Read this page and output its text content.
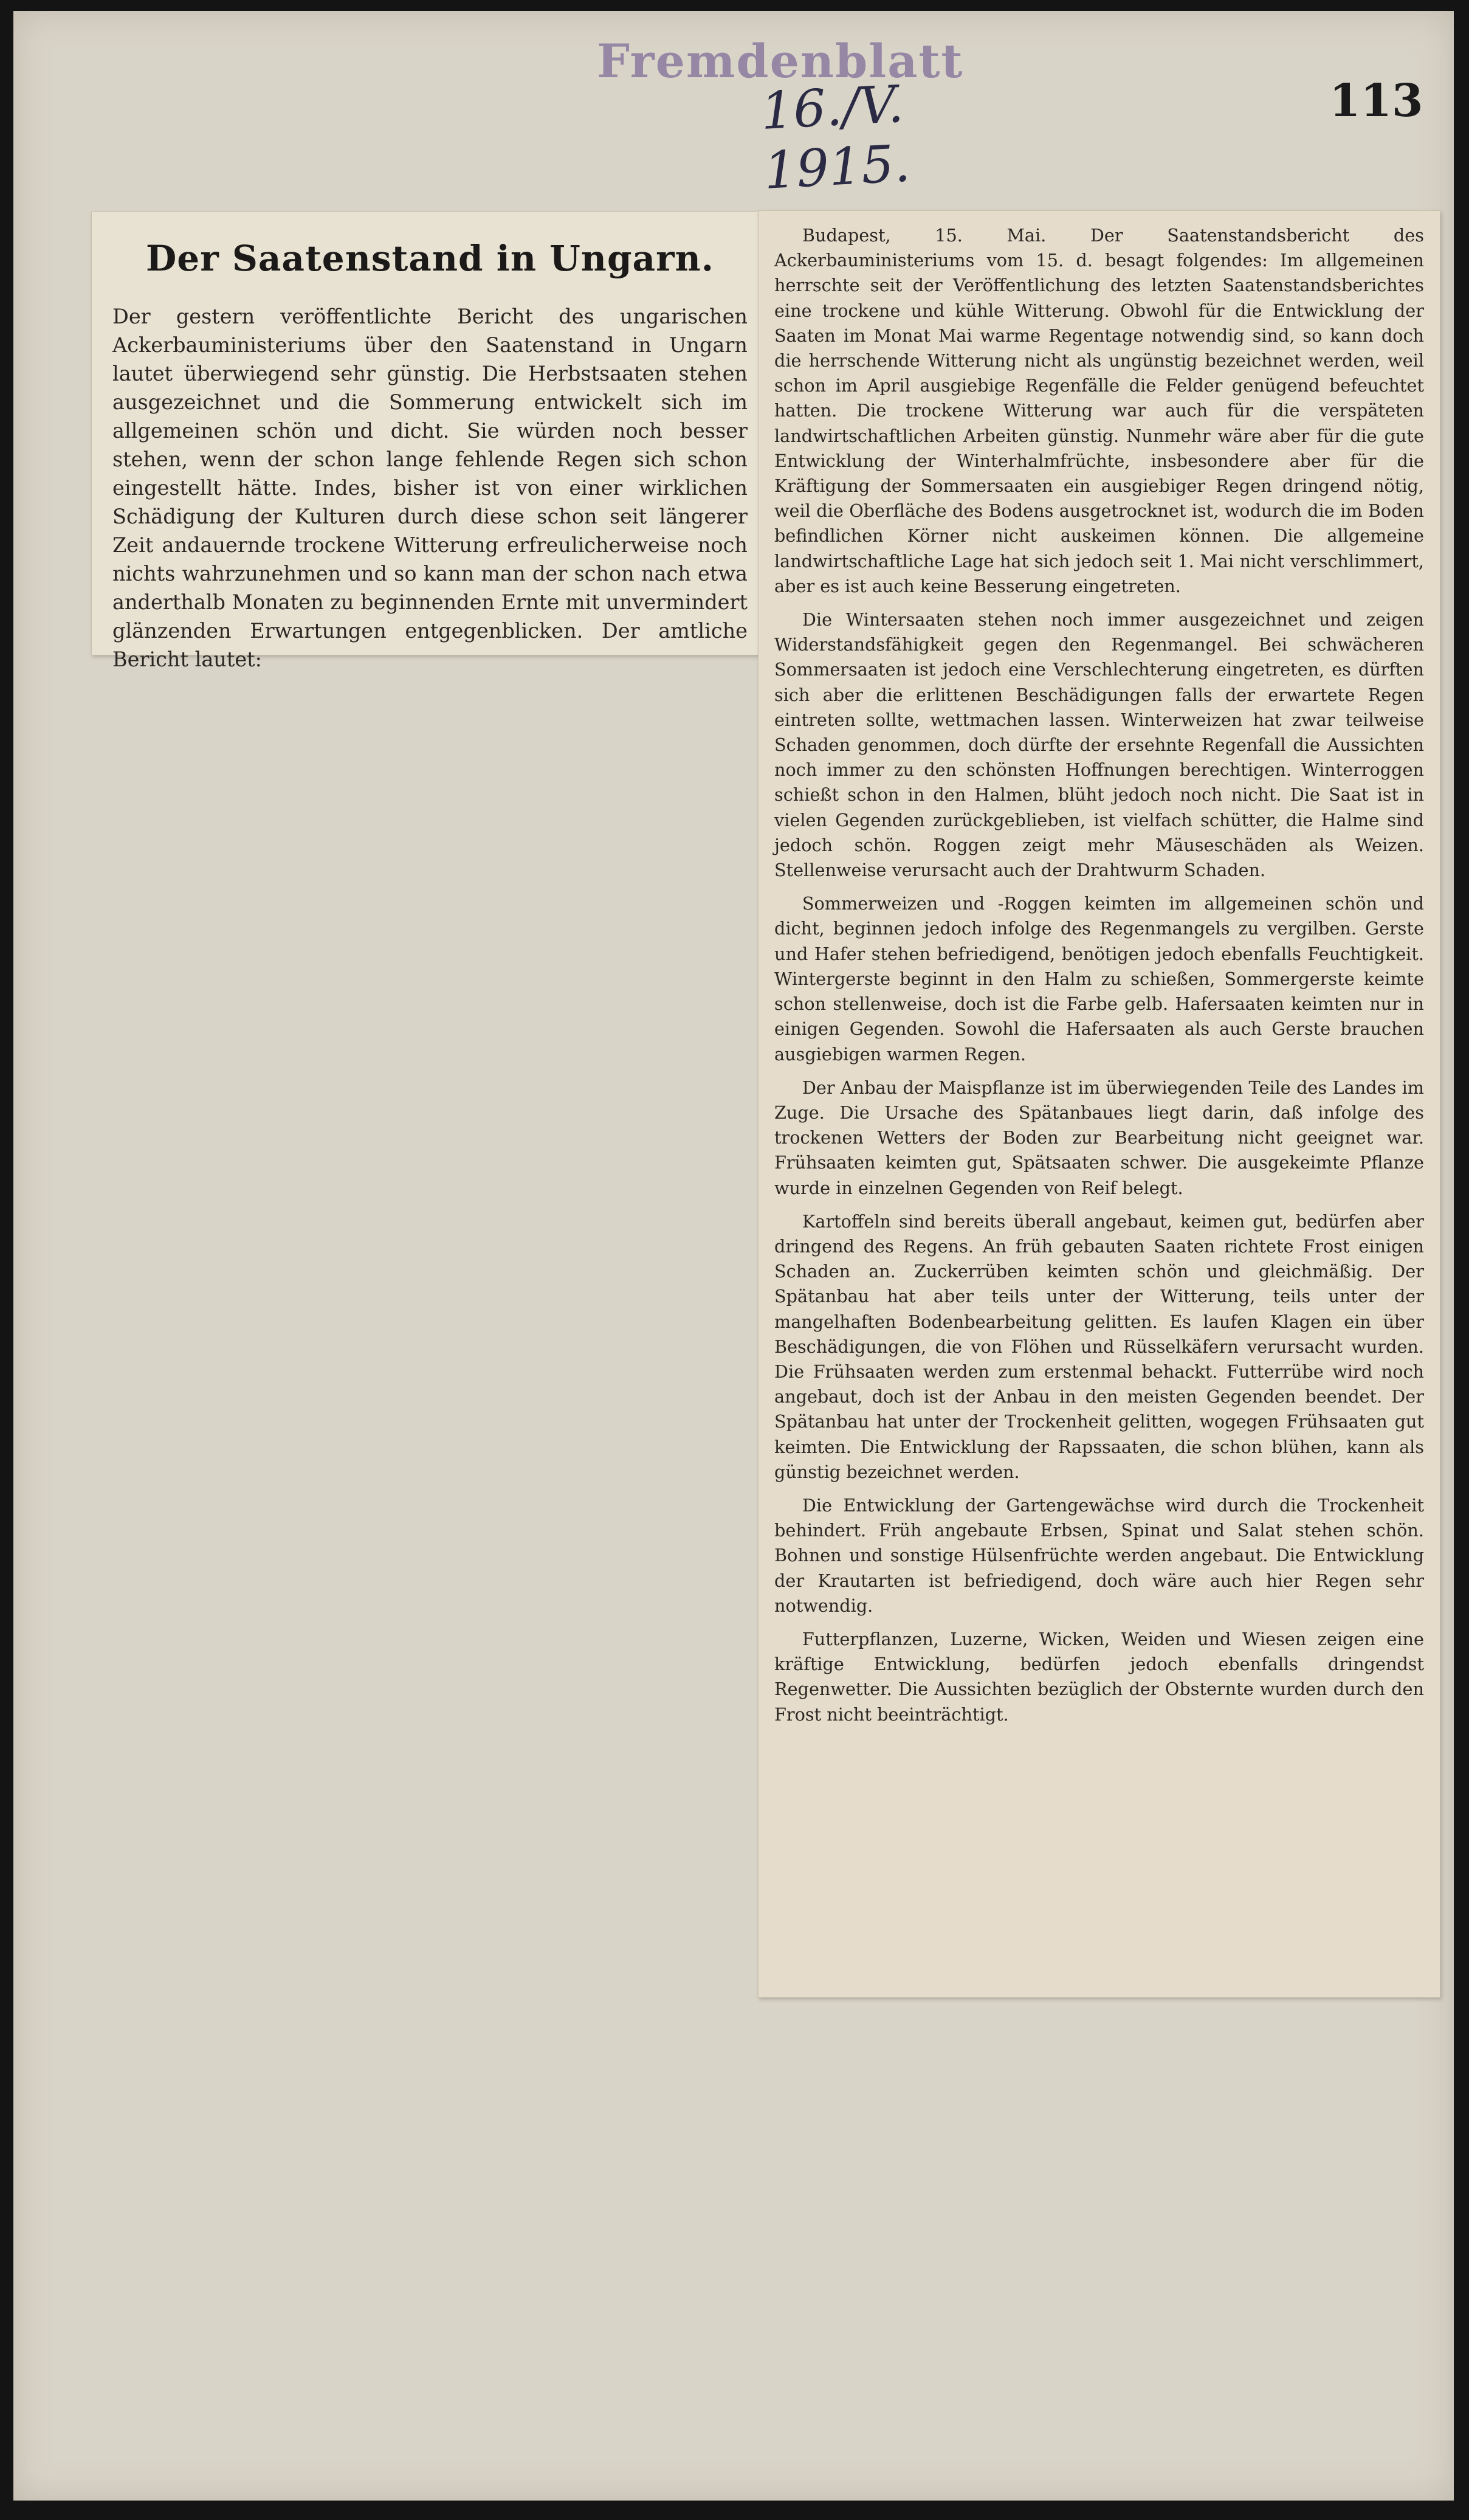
Fremdenblatt
16./V. 1915.
113
Der Saatenstand in Ungarn.

Der gestern veröffentlichte Bericht des ungarischen Ackerbauministeriums über den Saatenstand in Ungarn lautet überwiegend sehr günstig. Die Herbstsaaten stehen ausgezeichnet und die Sommerung entwickelt sich im allgemeinen schön und dicht. Sie würden noch besser stehen, wenn der schon lange fehlende Regen sich schon eingestellt hätte. Indes, bisher ist von einer wirklichen Schädigung der Kulturen durch diese schon seit längerer Zeit andauernde trockene Witterung erfreulicherweise noch nichts wahrzunehmen und so kann man der schon nach etwa anderthalb Monaten zu beginnenden Ernte mit unvermindert glänzenden Erwartungen entgegenblicken. Der amtliche Bericht lautet:

Budapest, 15. Mai. Der Saatenstandsbericht des Ackerbauministeriums vom 15. d. besagt folgendes: Im allgemeinen herrschte seit der Veröffentlichung des letzten Saatenstandsberichtes eine trockene und kühle Witterung. Obwohl für die Entwicklung der Saaten im Monat Mai warme Regentage notwendig sind, so kann doch die herrschende Witterung nicht als ungünstig bezeichnet werden, weil schon im April ausgiebige Regenfälle die Felder genügend befeuchtet hatten. Die trockene Witterung war auch für die verspäteten landwirtschaftlichen Arbeiten günstig. Nunmehr wäre aber für die gute Entwicklung der Winterhalmfrüchte, insbesondere aber für die Kräftigung der Sommersaaten ein ausgiebiger Regen dringend nötig, weil die Oberfläche des Bodens ausgetrocknet ist, wodurch die im Boden befindlichen Körner nicht auskeimen können. Die allgemeine landwirtschaftliche Lage hat sich jedoch seit 1. Mai nicht verschlimmert, aber es ist auch keine Besserung eingetreten.

Die Wintersaaten stehen noch immer ausgezeichnet und zeigen Widerstandsfähigkeit gegen den Regenmangel. Bei schwächeren Sommersaaten ist jedoch eine Verschlechterung eingetreten, es dürften sich aber die erlittenen Beschädigungen falls der erwartete Regen eintreten sollte, wettmachen lassen. Winterweizen hat zwar teilweise Schaden genommen, doch dürfte der ersehnte Regenfall die Aussichten noch immer zu den schönsten Hoffnungen berechtigen. Winterroggen schießt schon in den Halmen, blüht jedoch noch nicht. Die Saat ist in vielen Gegenden zurückgeblieben, ist vielfach schütter, die Halme sind jedoch schön. Roggen zeigt mehr Mäuseschäden als Weizen. Stellenweise verursacht auch der Drahtwurm Schaden.

Sommerweizen und -Roggen keimten im allgemeinen schön und dicht, beginnen jedoch infolge des Regenmangels zu vergilben. Gerste und Hafer stehen befriedigend, benötigen jedoch ebenfalls Feuchtigkeit. Wintergerste beginnt in den Halm zu schießen, Sommergerste keimte schon stellenweise, doch ist die Farbe gelb. Hafersaaten keimten nur in einigen Gegenden. Sowohl die Hafersaaten als auch Gerste brauchen ausgiebigen warmen Regen.

Der Anbau der Maispflanze ist im überwiegenden Teile des Landes im Zuge. Die Ursache des Spätanbaues liegt darin, daß infolge des trockenen Wetters der Boden zur Bearbeitung nicht geeignet war. Frühsaaten keimten gut, Spätsaaten schwer. Die ausgekeimte Pflanze wurde in einzelnen Gegenden von Reif belegt.

Kartoffeln sind bereits überall angebaut, keimen gut, bedürfen aber dringend des Regens. An früh gebauten Saaten richtete Frost einigen Schaden an. Zuckerrüben keimten schön und gleichmäßig. Der Spätanbau hat aber teils unter der Witterung, teils unter der mangelhaften Bodenbearbeitung gelitten. Es laufen Klagen ein über Beschädigungen, die von Flöhen und Rüsselkäfern verursacht wurden. Die Frühsaaten werden zum erstenmal behackt. Futterrübe wird noch angebaut, doch ist der Anbau in den meisten Gegenden beendet. Der Spätanbau hat unter der Trockenheit gelitten, wogegen Frühsaaten gut keimten. Die Entwicklung der Rapssaaten, die schon blühen, kann als günstig bezeichnet werden.

Die Entwicklung der Gartengewächse wird durch die Trockenheit behindert. Früh angebaute Erbsen, Spinat und Salat stehen schön. Bohnen und sonstige Hülsenfrüchte werden angebaut. Die Entwicklung der Krautarten ist befriedigend, doch wäre auch hier Regen sehr notwendig.

Futterpflanzen, Luzerne, Wicken, Weiden und Wiesen zeigen eine kräftige Entwicklung, bedürfen jedoch ebenfalls dringendst Regenwetter. Die Aussichten bezüglich der Obsternte wurden durch den Frost nicht beeinträchtigt.
